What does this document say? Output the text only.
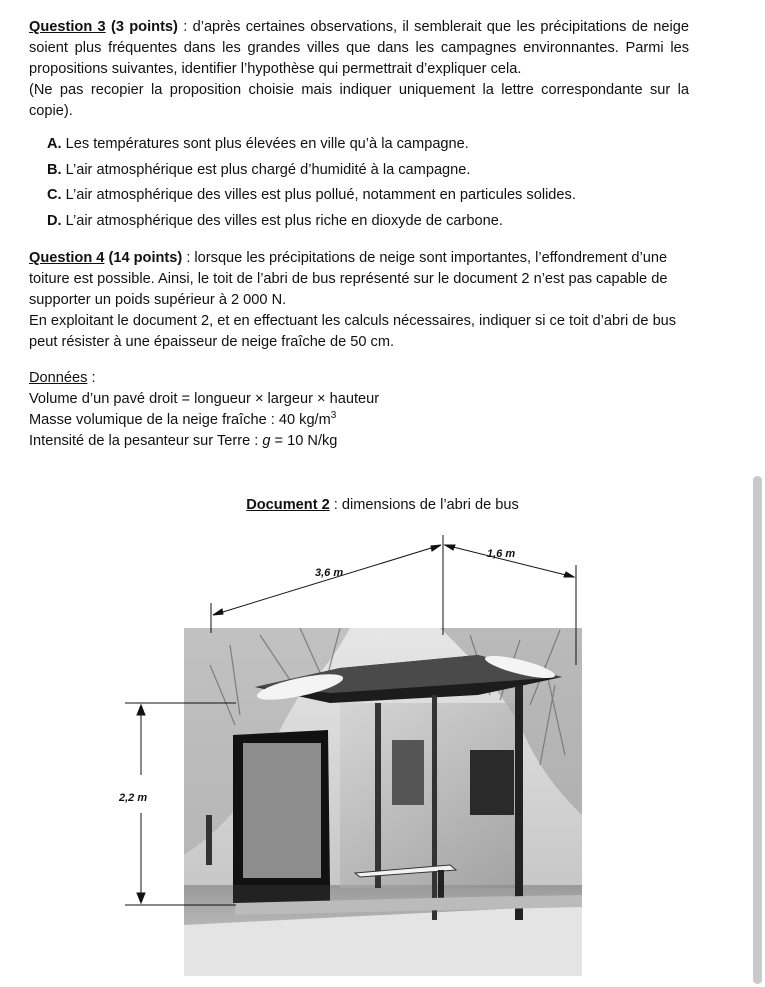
Question 3 (3 points) : d’après certaines observations, il semblerait que les précipitations de neige soient plus fréquentes dans les grandes villes que dans les campagnes environnantes. Parmi les propositions suivantes, identifier l’hypothèse qui permettrait d’expliquer cela.
(Ne pas recopier la proposition choisie mais indiquer uniquement la lettre correspondante sur la copie).
A. Les températures sont plus élevées en ville qu’à la campagne.
B. L’air atmosphérique est plus chargé d’humidité à la campagne.
C. L’air atmosphérique des villes est plus pollué, notamment en particules solides.
D. L’air atmosphérique des villes est plus riche en dioxyde de carbone.
Question 4 (14 points) : lorsque les précipitations de neige sont importantes, l’effondrement d’une toiture est possible. Ainsi, le toit de l’abri de bus représenté sur le document 2 n’est pas capable de supporter un poids supérieur à 2 000 N.
En exploitant le document 2, et en effectuant les calculs nécessaires, indiquer si ce toit d’abri de bus peut résister à une épaisseur de neige fraîche de 50 cm.
Données :
Volume d’un pavé droit = longueur × largeur × hauteur
Masse volumique de la neige fraîche : 40 $kg/m^3$
Intensité de la pesanteur sur Terre : g = 10 N/kg
Document 2 : dimensions de l’abri de bus
3,6 m
1,6 m
2,2 m
